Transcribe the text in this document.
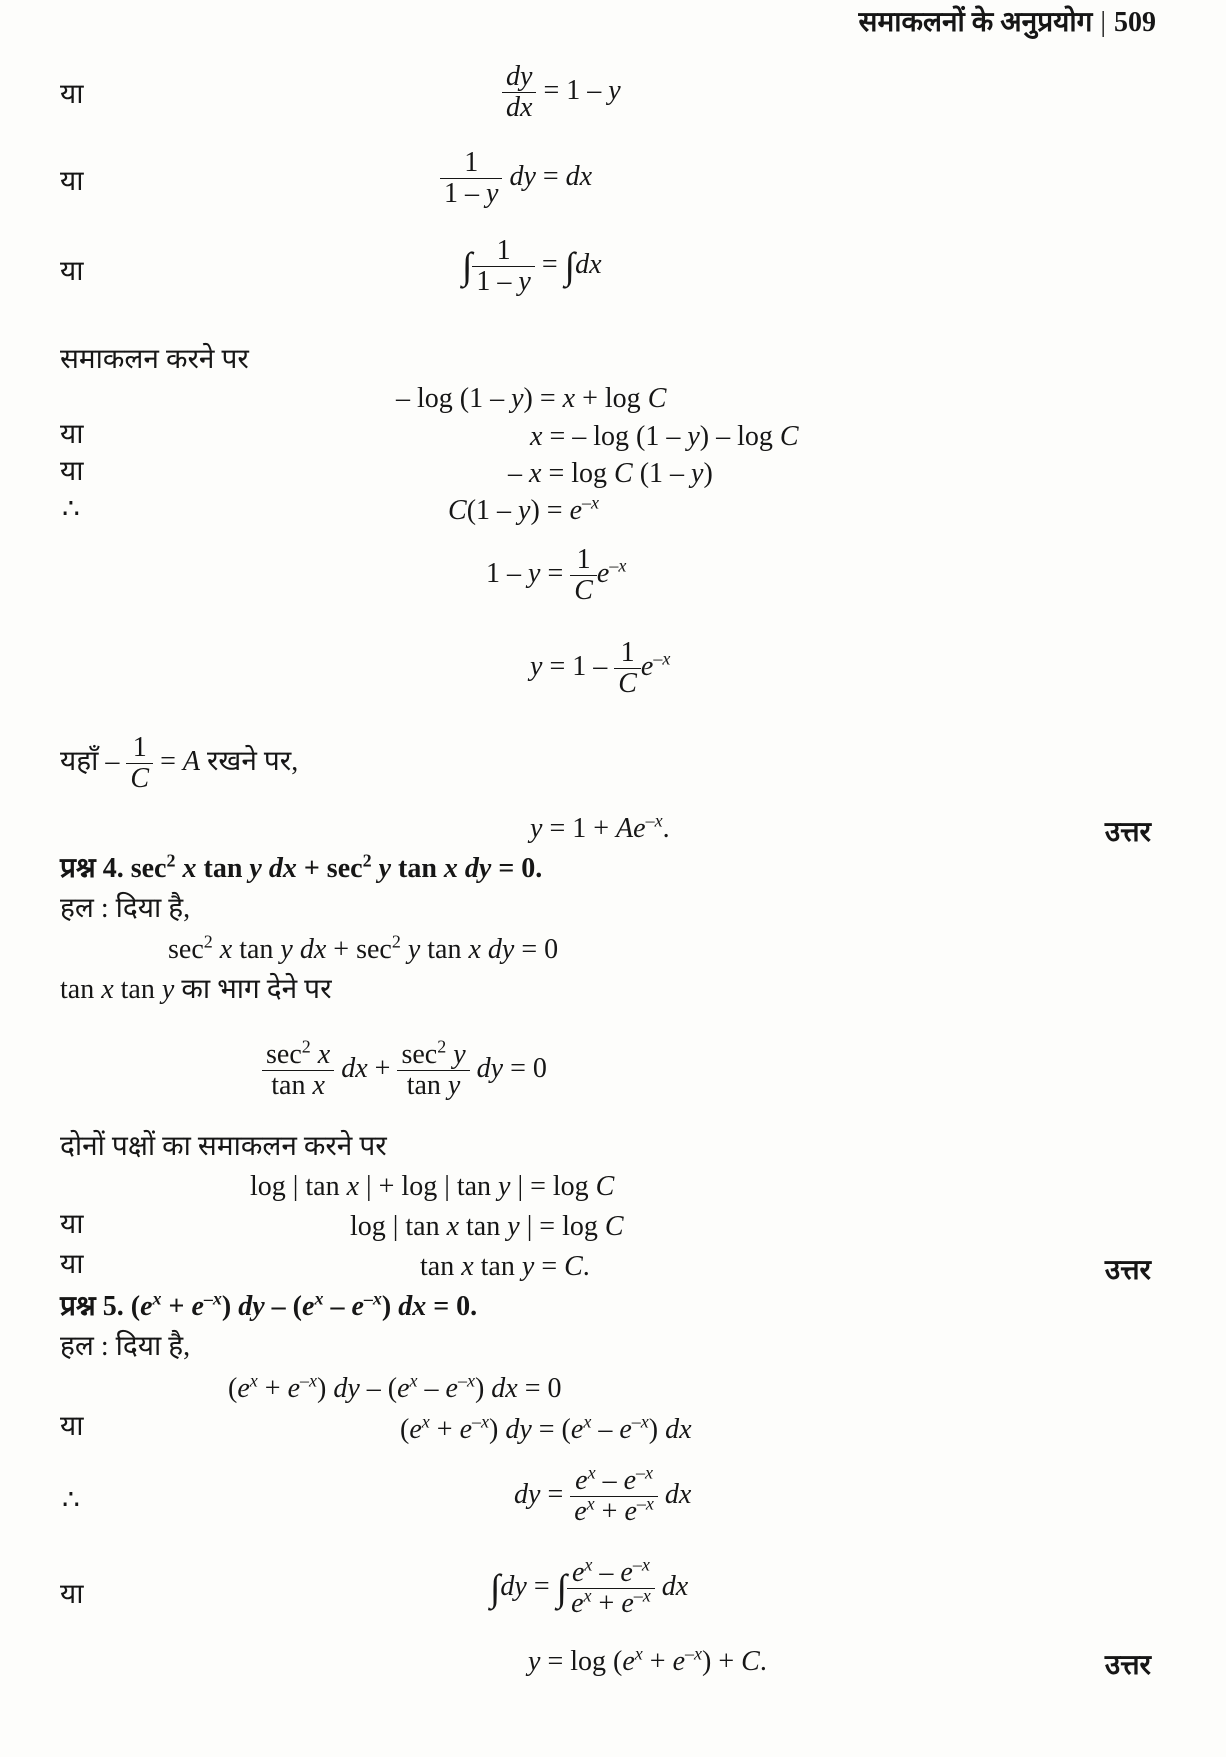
समाकलनों के अनुप्रयोग | 509
या	$\frac{dy}{dx} = 1 - y$
या	$\frac{1}{1 - y}$ dy = dx
या	∫ $\frac{1}{1 - y} = \int dx$
समाकलन करने पर
– log (1 – y) = x + log C
या	x = – log (1 – y) – log C
या	– x = log C (1 – y)
∴	$C(1 - y) = e^{-x}$
$1 - y = \frac{1}{C} e^{-x}$
$y = 1 - \frac{1}{C} e^{-x}$
यहाँ – $\frac{1}{C} = A$ रखने पर,
$y = 1 + Ae^{-x}$.	उत्तर
प्रश्न 4. $\sec^2 x$ tan y dx + $\sec^2 y$ tan x dy = 0.
हल : दिया है,
$\sec^2 x$ tan y dx + $\sec^2 y$ tan x dy = 0
tan x tan y का भाग देने पर
$\frac{\sec^2 x}{\text{tan x}}$ dx + $\frac{\sec^2 y}{\text{tan y}}$ dy = 0
दोनों पक्षों का समाकलन करने पर
log | tan x | + log | tan y | = log C
या	log | tan x tan y | = log C
या	tan x tan y = C.	उत्तर
प्रश्न 5. $(e^x + e^{-x})$ dy – $(e^x - e^{-x})$ dx = 0.
हल : दिया है,
$(e^x + e^{-x})$ dy – $(e^x - e^{-x})$ dx = 0
या	$(e^x + e^{-x})$ dy = $(e^x - e^{-x})$ dx
∴	dy = $\frac{e^x - e^{-x}}{e^x + e^{-x}}$ dx
या	∫dy = ∫ $\frac{e^x - e^{-x}}{e^x + e^{-x}}$ dx
$y = \log (e^x + e^{-x}) + C$.	उत्तर
